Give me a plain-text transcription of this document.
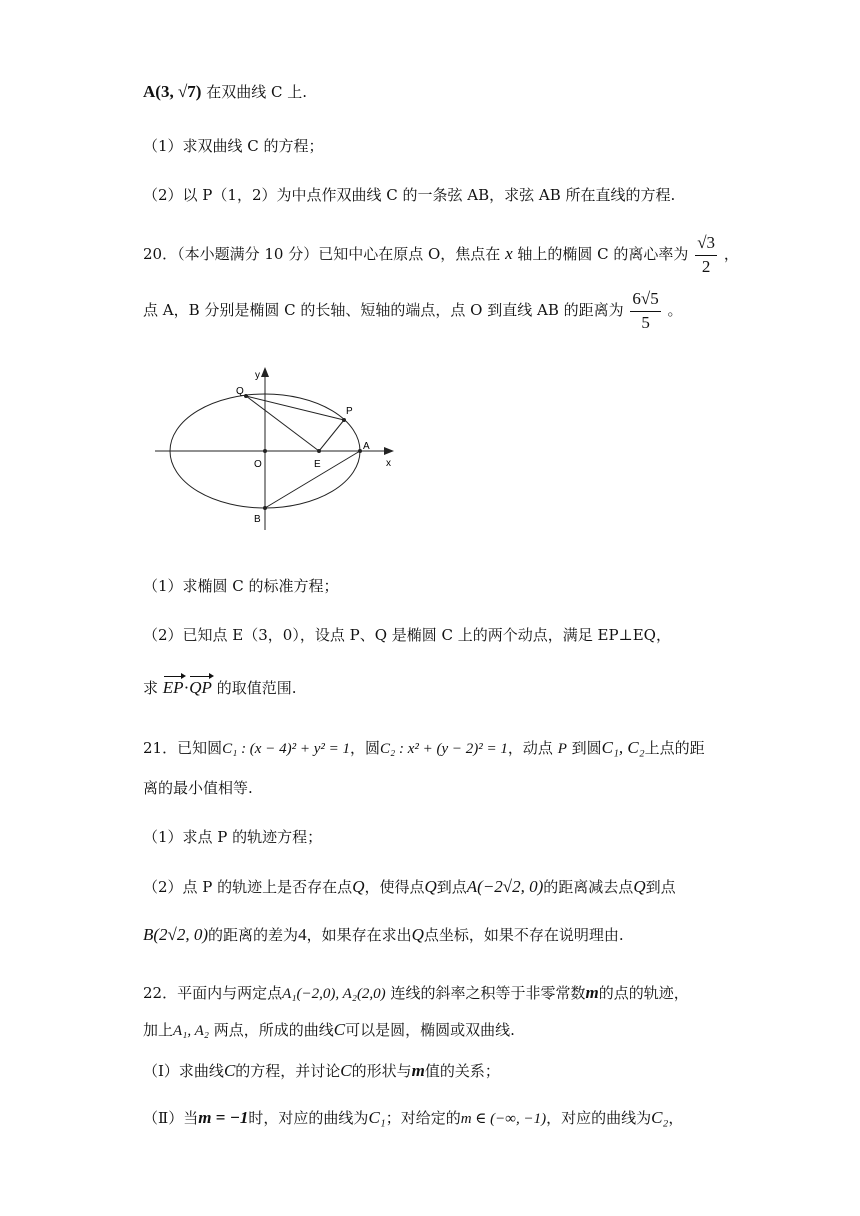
A(3, √7) 在双曲线 C 上.
（1）求双曲线 C 的方程；
（2）以 P（1，2）为中点作双曲线 C 的一条弦 AB，求弦 AB 所在直线的方程.
20．（本小题满分 10 分）已知中心在原点 O，焦点在 x 轴上的椭圆 C 的离心率为 $\frac{√3}{2}$ ，
点 A，B 分别是椭圆 C 的长轴、短轴的端点，点 O 到直线 AB 的距离为 $\frac{6√5}{5}$ 。
y
x
Q
P
A
O	E
B
（1）求椭圆 C 的标准方程；
（2）已知点 E（3，0），设点 P、Q 是椭圆 C 上的两个动点，满足 EP⊥EQ，
求 EP·QP 的取值范围.
21．已知圆C₁ : (x − 4)² + y² = 1，圆C₂ : x² + (y − 2)² = 1，动点 P 到圆C₁, C₂上点的距
离的最小值相等.
（1）求点 P 的轨迹方程；
（2）点 P 的轨迹上是否存在点Q，使得点Q到点A(−2√2, 0)的距离减去点Q到点
B(2√2, 0)的距离的差为4，如果存在求出Q点坐标，如果不存在说明理由.
22．平面内与两定点A₁(−2,0), A₂(2,0) 连线的斜率之积等于非零常数m的点的轨迹，
加上A₁, A₂ 两点，所成的曲线C可以是圆，椭圆或双曲线.
（Ⅰ）求曲线C的方程，并讨论C的形状与m值的关系；
（Ⅱ）当m = −1时，对应的曲线为C₁；对给定的m ∈ (−∞, −1)，对应的曲线为C₂，
